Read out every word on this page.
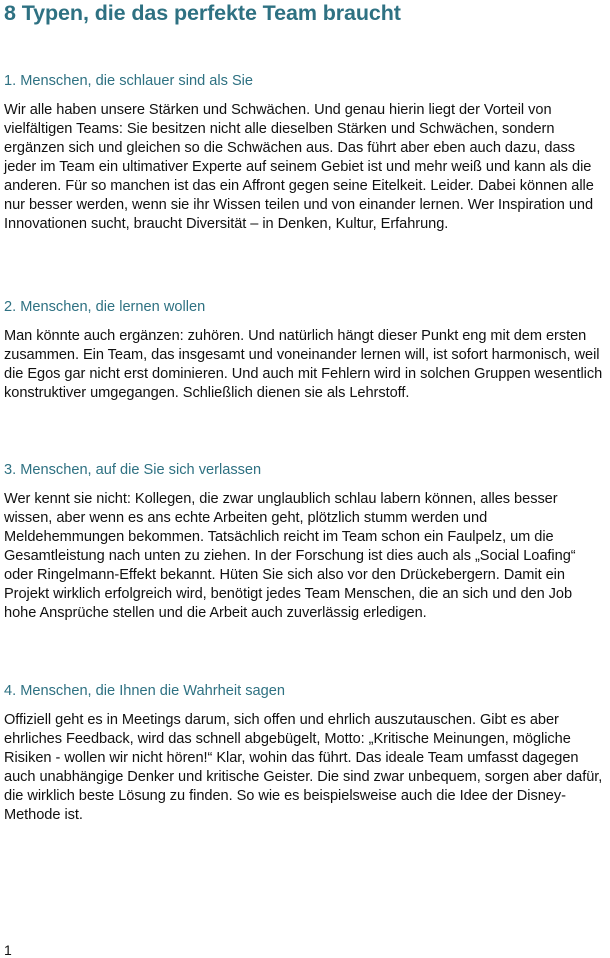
8 Typen, die das perfekte Team braucht
1. Menschen, die schlauer sind als Sie

Wir alle haben unsere Stärken und Schwächen. Und genau hierin liegt der Vorteil von vielfältigen Teams: Sie besitzen nicht alle dieselben Stärken und Schwächen, sondern ergänzen sich und gleichen so die Schwächen aus. Das führt aber eben auch dazu, dass jeder im Team ein ultimativer Experte auf seinem Gebiet ist und mehr weiß und kann als die anderen. Für so manchen ist das ein Affront gegen seine Eitelkeit. Leider. Dabei können alle nur besser werden, wenn sie ihr Wissen teilen und von einander lernen. Wer Inspiration und Innovationen sucht, braucht Diversität – in Denken, Kultur, Erfahrung.

2. Menschen, die lernen wollen

Man könnte auch ergänzen: zuhören. Und natürlich hängt dieser Punkt eng mit dem ersten zusammen. Ein Team, das insgesamt und voneinander lernen will, ist sofort harmonisch, weil die Egos gar nicht erst dominieren. Und auch mit Fehlern wird in solchen Gruppen wesentlich konstruktiver umgegangen. Schließlich dienen sie als Lehrstoff.

3. Menschen, auf die Sie sich verlassen

Wer kennt sie nicht: Kollegen, die zwar unglaublich schlau labern können, alles besser wissen, aber wenn es ans echte Arbeiten geht, plötzlich stumm werden und Meldehemmungen bekommen. Tatsächlich reicht im Team schon ein Faulpelz, um die Gesamtleistung nach unten zu ziehen. In der Forschung ist dies auch als „Social Loafing“ oder Ringelmann-Effekt bekannt. Hüten Sie sich also vor den Drückebergern. Damit ein Projekt wirklich erfolgreich wird, benötigt jedes Team Menschen, die an sich und den Job hohe Ansprüche stellen und die Arbeit auch zuverlässig erledigen.

4. Menschen, die Ihnen die Wahrheit sagen

Offiziell geht es in Meetings darum, sich offen und ehrlich auszutauschen. Gibt es aber ehrliches Feedback, wird das schnell abgebügelt, Motto: „Kritische Meinungen, mögliche Risiken - wollen wir nicht hören!“ Klar, wohin das führt. Das ideale Team umfasst dagegen auch unabhängige Denker und kritische Geister. Die sind zwar unbequem, sorgen aber dafür, die wirklich beste Lösung zu finden. So wie es beispielsweise auch die Idee der Disney-Methode ist.

1
